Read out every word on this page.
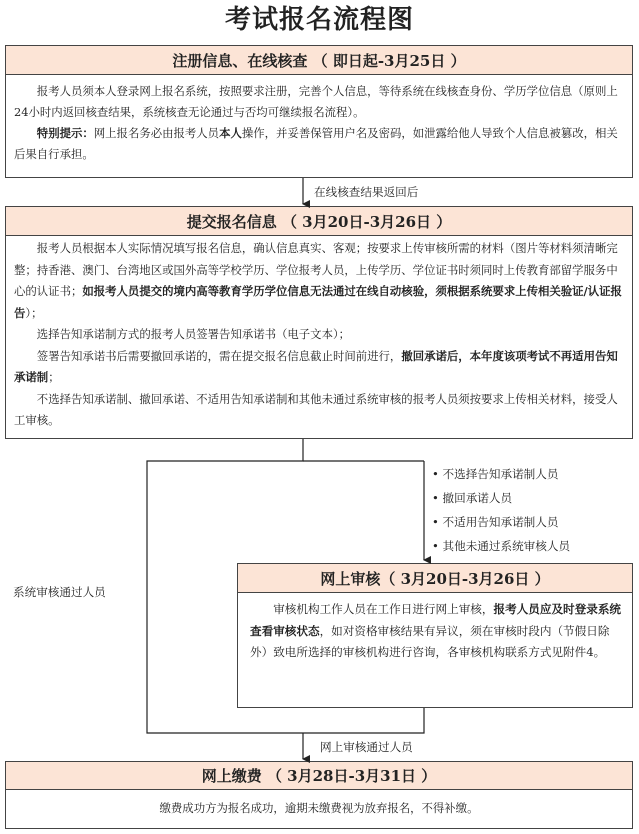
考试报名流程图
注册信息、在线核查 （ 即日起-3月25日 ）

报考人员须本人登录网上报名系统，按照要求注册，完善个人信息，等待系统在线核查身份、学历学位信息（原则上24小时内返回核查结果，系统核查无论通过与否均可继续报名流程）。

特别提示：网上报名务必由报考人员本人操作，并妥善保管用户名及密码，如泄露给他人导致个人信息被篡改，相关后果自行承担。

提交报名信息 （ 3月20日-3月26日 ）

报考人员根据本人实际情况填写报名信息，确认信息真实、客观；按要求上传审核所需的材料（图片等材料须清晰完整；持香港、澳门、台湾地区或国外高等学校学历、学位报考人员，上传学历、学位证书时须同时上传教育部留学服务中心的认证书；如报考人员提交的境内高等教育学历学位信息无法通过在线自动核验，须根据系统要求上传相关验证/认证报告）；

选择告知承诺制方式的报考人员签署告知承诺书（电子文本）；

签署告知承诺书后需要撤回承诺的，需在提交报名信息截止时间前进行，撤回承诺后，本年度该项考试不再适用告知承诺制；

不选择告知承诺制、撤回承诺、不适用告知承诺制和其他未通过系统审核的报考人员须按要求上传相关材料，接受人工审核。

网上审核（ 3月20日-3月26日 ）

审核机构工作人员在工作日进行网上审核，报考人员应及时登录系统查看审核状态，如对资格审核结果有异议，须在审核时段内（节假日除外）致电所选择的审核机构进行咨询，各审核机构联系方式见附件4。

网上缴费 （ 3月28日-3月31日 ）

缴费成功方为报名成功，逾期未缴费视为放弃报名，不得补缴。

在线核查结果返回后
• 不选择告知承诺制人员
• 撤回承诺人员
• 不适用告知承诺制人员
• 其他未通过系统审核人员
系统审核通过人员
网上审核通过人员
